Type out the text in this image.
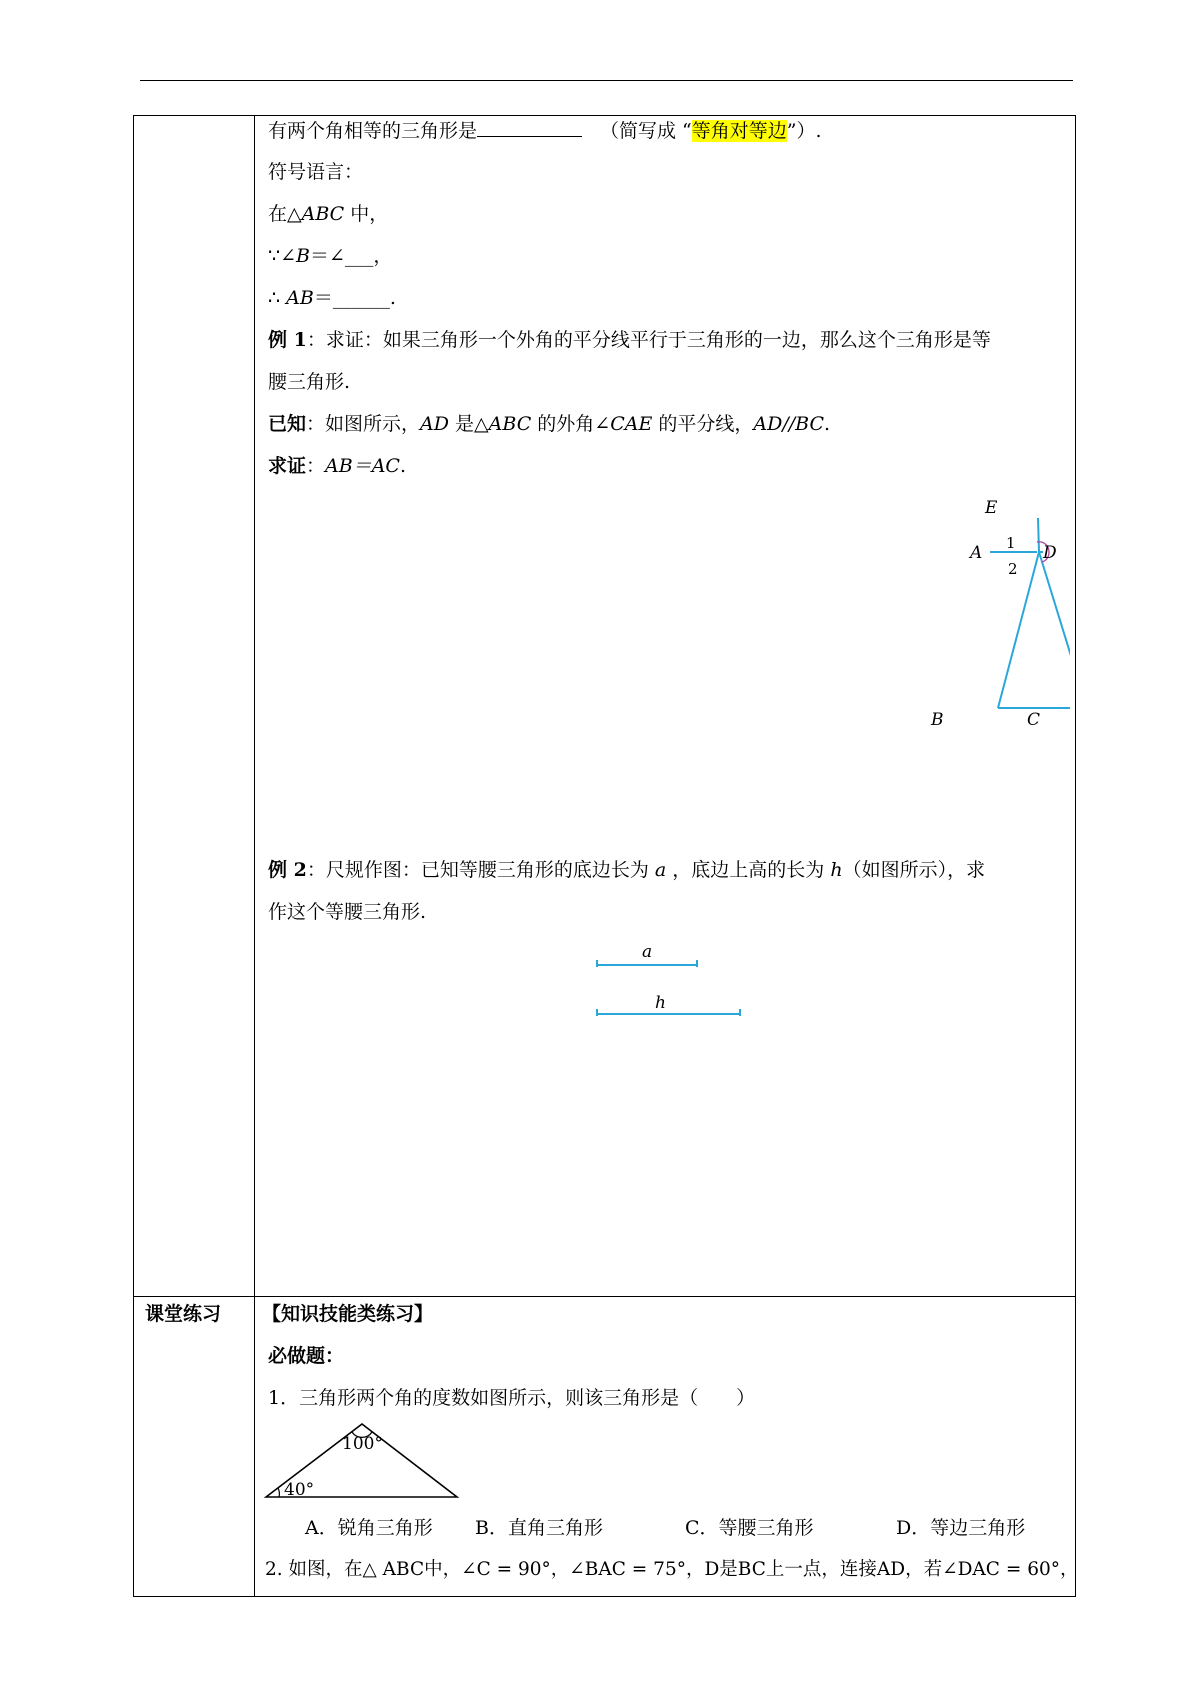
有两个角相等的三角形是	（简写成 “等角对等边”）.
符号语言：
在△ABC 中，
∵∠B＝∠___，
∴ AB＝______.
例 1：求证：如果三角形一个外角的平分线平行于三角形的一边，那么这个三角形是等
腰三角形.
已知：如图所示，AD 是△ABC 的外角∠CAE 的平分线，AD//BC.
求证：AB＝AC.
E
A	D
B	C
1
2
例 2：尺规作图：已知等腰三角形的底边长为 a ，底边上高的长为 h（如图所示），求
作这个等腰三角形.
a
h
课堂练习 【知识技能类练习】
必做题：
1．三角形两个角的度数如图所示，则该三角形是（　　）
100°
40°
A．锐角三角形 B．直角三角形	C．等腰三角形	D．等边三角形
2. 如图，在△ ABC中，∠C = 90°，∠BAC = 75°，D是BC上一点，连接AD，若∠DAC = 60°，
